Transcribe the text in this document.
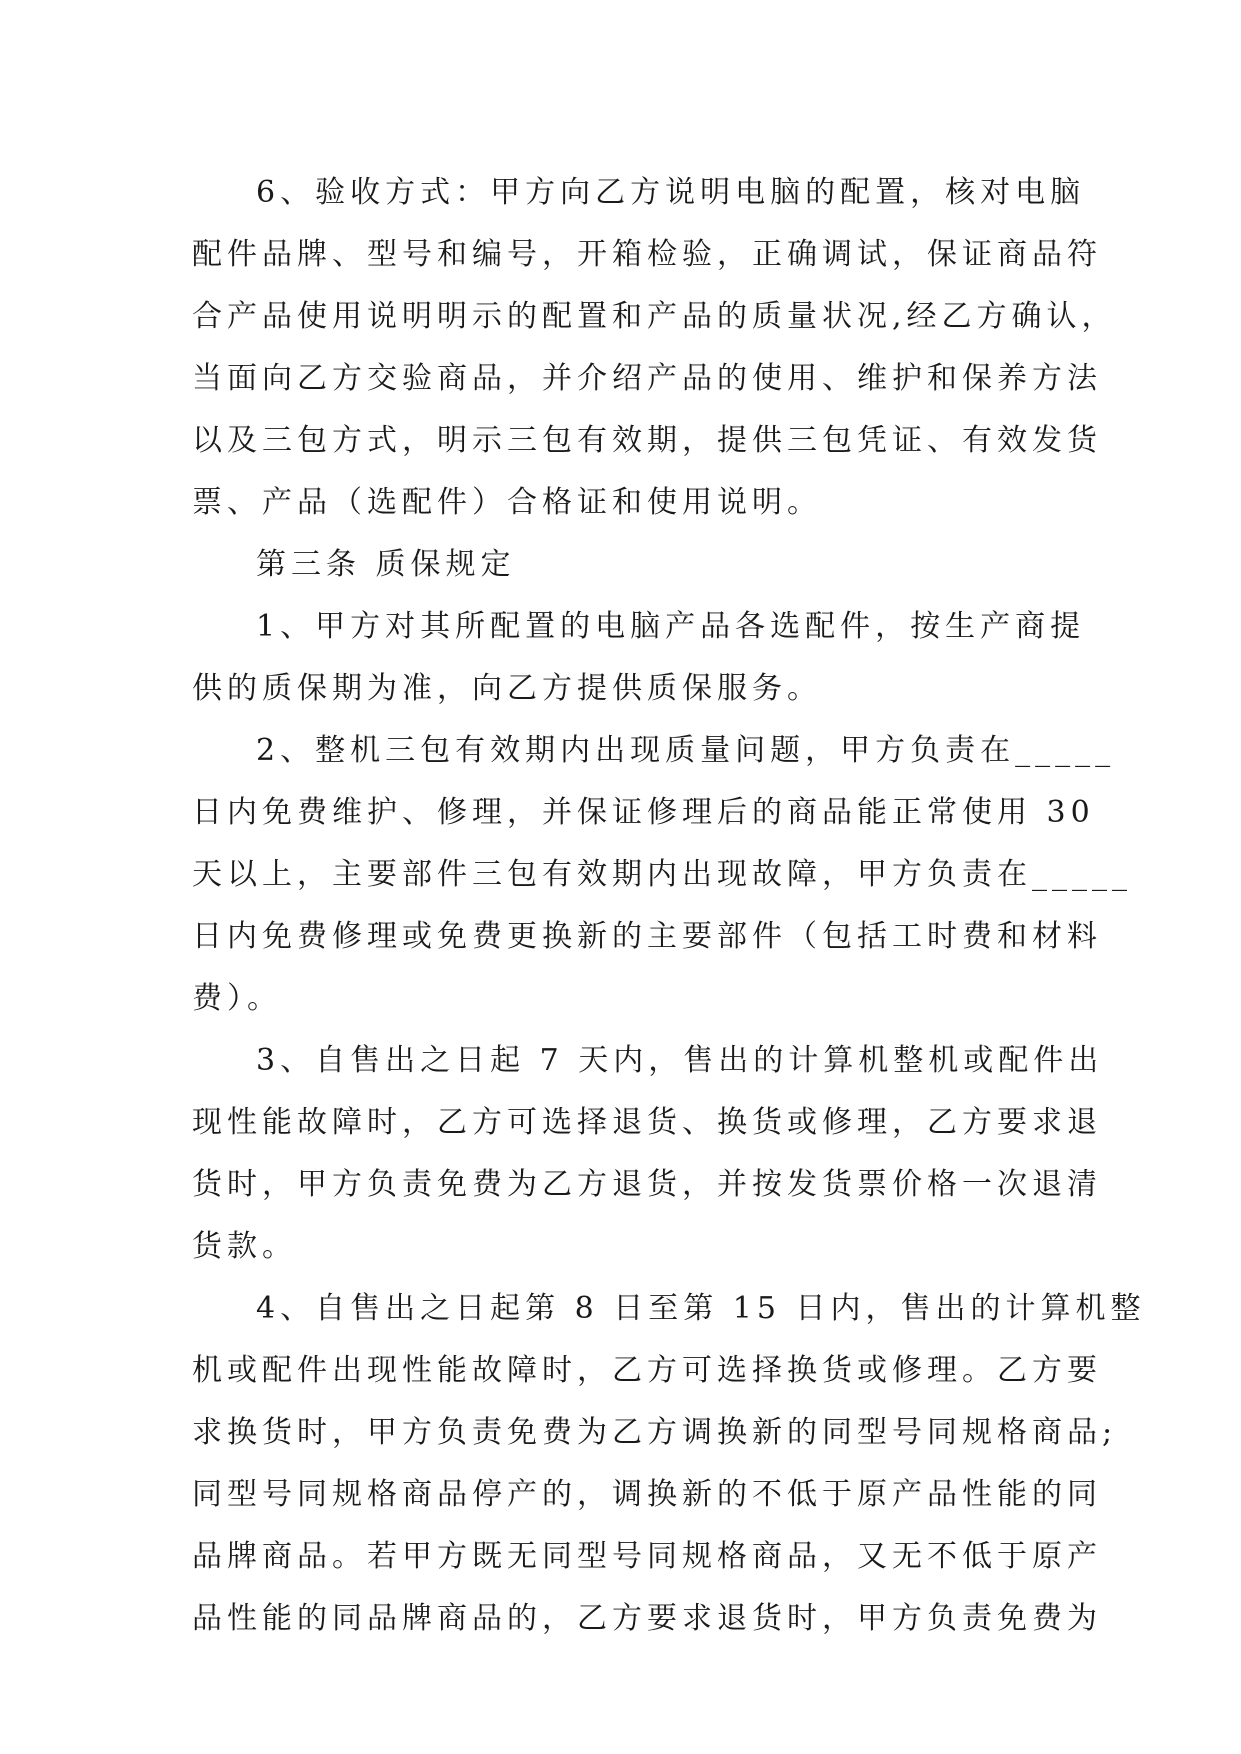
6、验收方式：甲方向乙方说明电脑的配置，核对电脑
配件品牌、型号和编号，开箱检验，正确调试，保证商品符
合产品使用说明明示的配置和产品的质量状况,经乙方确认，
当面向乙方交验商品，并介绍产品的使用、维护和保养方法
以及三包方式，明示三包有效期，提供三包凭证、有效发货
票、产品（选配件）合格证和使用说明。
第三条 质保规定
1、甲方对其所配置的电脑产品各选配件，按生产商提
供的质保期为准，向乙方提供质保服务。
2、整机三包有效期内出现质量问题，甲方负责在_____
日内免费维护、修理，并保证修理后的商品能正常使用 30
天以上，主要部件三包有效期内出现故障，甲方负责在_____
日内免费修理或免费更换新的主要部件（包括工时费和材料
费）。
3、自售出之日起 7 天内，售出的计算机整机或配件出
现性能故障时，乙方可选择退货、换货或修理，乙方要求退
货时，甲方负责免费为乙方退货，并按发货票价格一次退清
货款。
4、自售出之日起第 8 日至第 15 日内，售出的计算机整
机或配件出现性能故障时，乙方可选择换货或修理。乙方要
求换货时，甲方负责免费为乙方调换新的同型号同规格商品;
同型号同规格商品停产的，调换新的不低于原产品性能的同
品牌商品。若甲方既无同型号同规格商品，又无不低于原产
品性能的同品牌商品的，乙方要求退货时，甲方负责免费为
